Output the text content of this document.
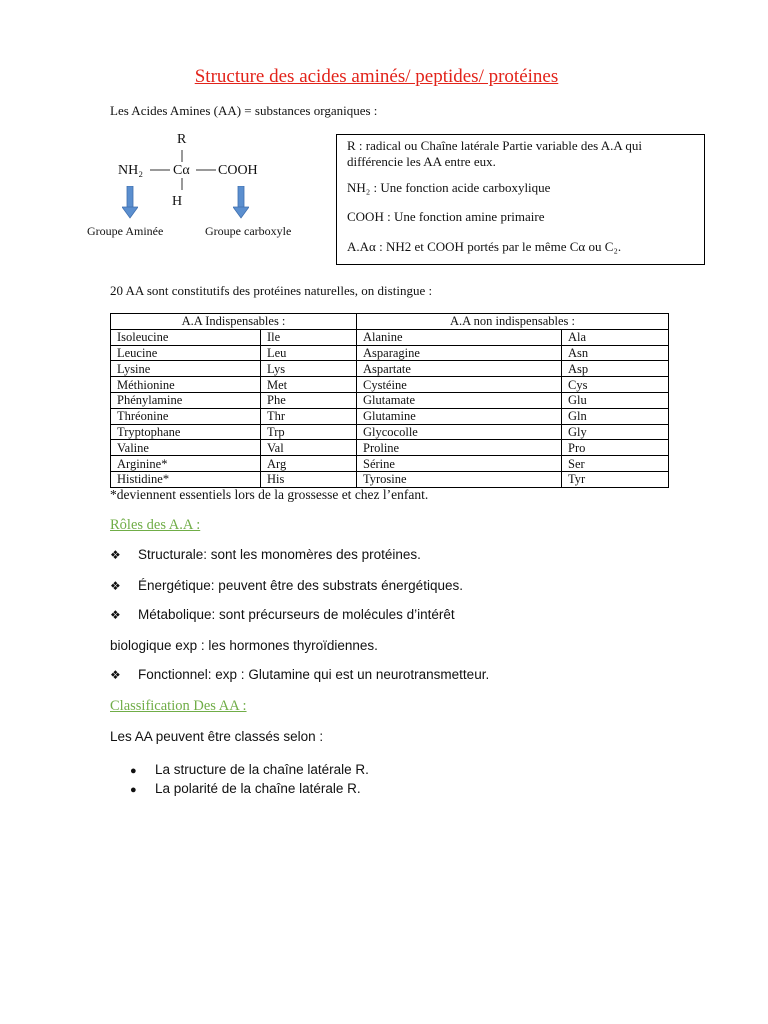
Structure des acides aminés/ peptides/ protéines
Les Acides Amines (AA) = substances organiques :
R
NH₂ Cα COOH
H
Groupe Aminée	Groupe carboxyle

R : radical ou Chaîne latérale Partie variable des A.A qui différencie les AA entre eux.

NH₂ : Une fonction acide carboxylique

COOH : Une fonction amine primaire

A.Aα : NH2 et COOH portés par le même Cα ou C₂.

20 AA sont constitutifs des protéines naturelles, on distingue :
A.A Indispensables :		A.A non indispensables :	
Isoleucine	Ile	Alanine	Ala
Leucine	Leu	Asparagine	Asn
Lysine	Lys	Aspartate	Asp
Méthionine	Met	Cystéine	Cys
Phénylamine	Phe	Glutamate	Glu
Thréonine	Thr	Glutamine	Gln
Tryptophane	Trp	Glycocolle	Gly
Valine	Val	Proline	Pro
Arginine*	Arg	Sérine	Ser
Histidine*	His	Tyrosine	Tyr
*deviennent essentiels lors de la grossesse et chez l’enfant.
Rôles des A.A :
❖ Structurale: sont les monomères des protéines.
❖ Énergétique: peuvent être des substrats énergétiques.
❖ Métabolique: sont précurseurs de molécules d’intérêt
biologique exp : les hormones thyroïdiennes.
❖ Fonctionnel: exp : Glutamine qui est un neurotransmetteur.
Classification Des AA :
Les AA peuvent être classés selon :
● La structure de la chaîne latérale R.
● La polarité de la chaîne latérale R.
